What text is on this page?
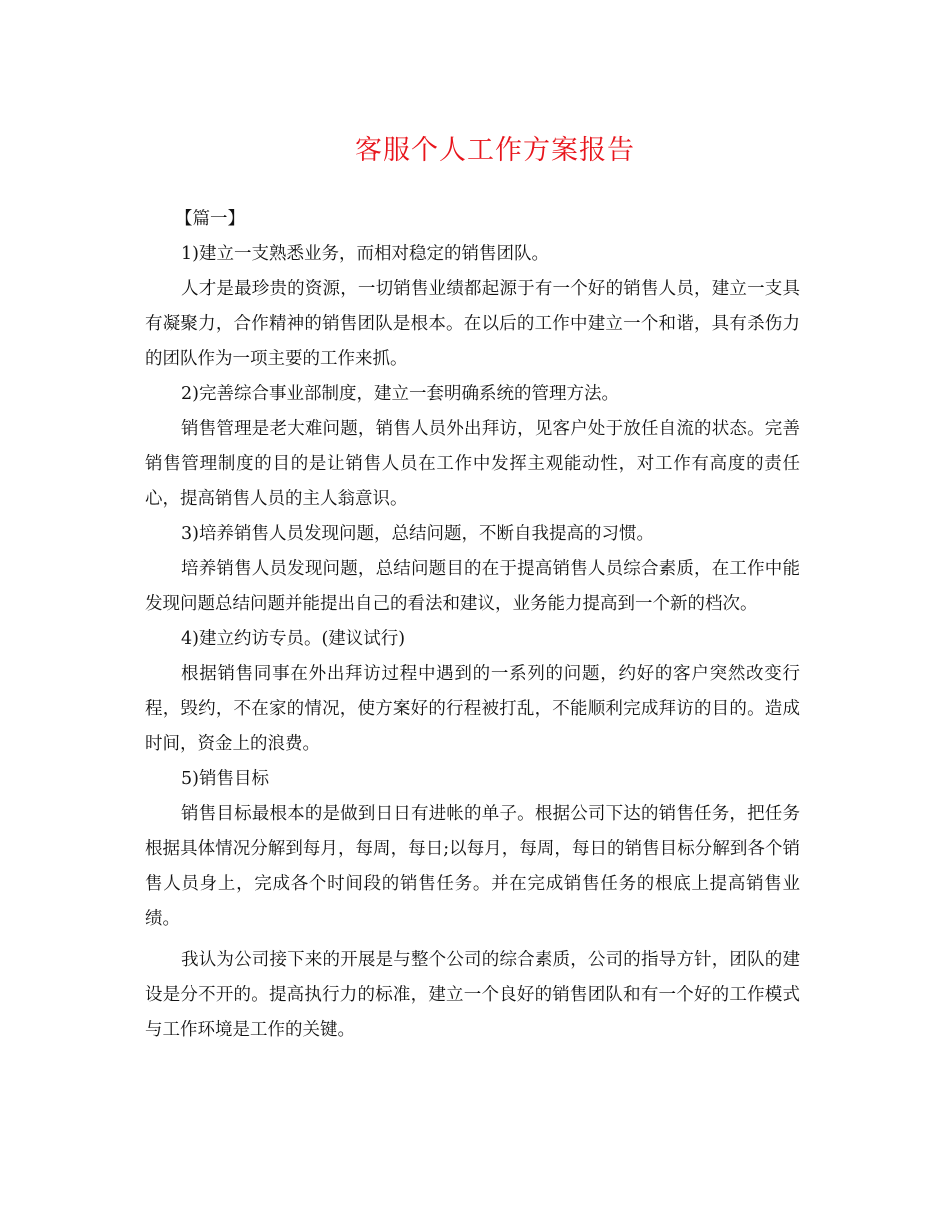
客服个人工作方案报告

【篇一】

1)建立一支熟悉业务，而相对稳定的销售团队。

人才是最珍贵的资源，一切销售业绩都起源于有一个好的销售人员，建立一支具有凝聚力，合作精神的销售团队是根本。在以后的工作中建立一个和谐，具有杀伤力的团队作为一项主要的工作来抓。

2)完善综合事业部制度，建立一套明确系统的管理方法。

销售管理是老大难问题，销售人员外出拜访，见客户处于放任自流的状态。完善销售管理制度的目的是让销售人员在工作中发挥主观能动性，对工作有高度的责任心，提高销售人员的主人翁意识。

3)培养销售人员发现问题，总结问题，不断自我提高的习惯。

培养销售人员发现问题，总结问题目的在于提高销售人员综合素质，在工作中能发现问题总结问题并能提出自己的看法和建议，业务能力提高到一个新的档次。

4)建立约访专员。(建议试行)

根据销售同事在外出拜访过程中遇到的一系列的问题，约好的客户突然改变行程，毁约，不在家的情况，使方案好的行程被打乱，不能顺利完成拜访的目的。造成时间，资金上的浪费。

5)销售目标

销售目标最根本的是做到日日有进帐的单子。根据公司下达的销售任务，把任务根据具体情况分解到每月，每周，每日;以每月，每周，每日的销售目标分解到各个销售人员身上，完成各个时间段的销售任务。并在完成销售任务的根底上提高销售业绩。

我认为公司接下来的开展是与整个公司的综合素质，公司的指导方针，团队的建设是分不开的。提高执行力的标准，建立一个良好的销售团队和有一个好的工作模式与工作环境是工作的关键。
